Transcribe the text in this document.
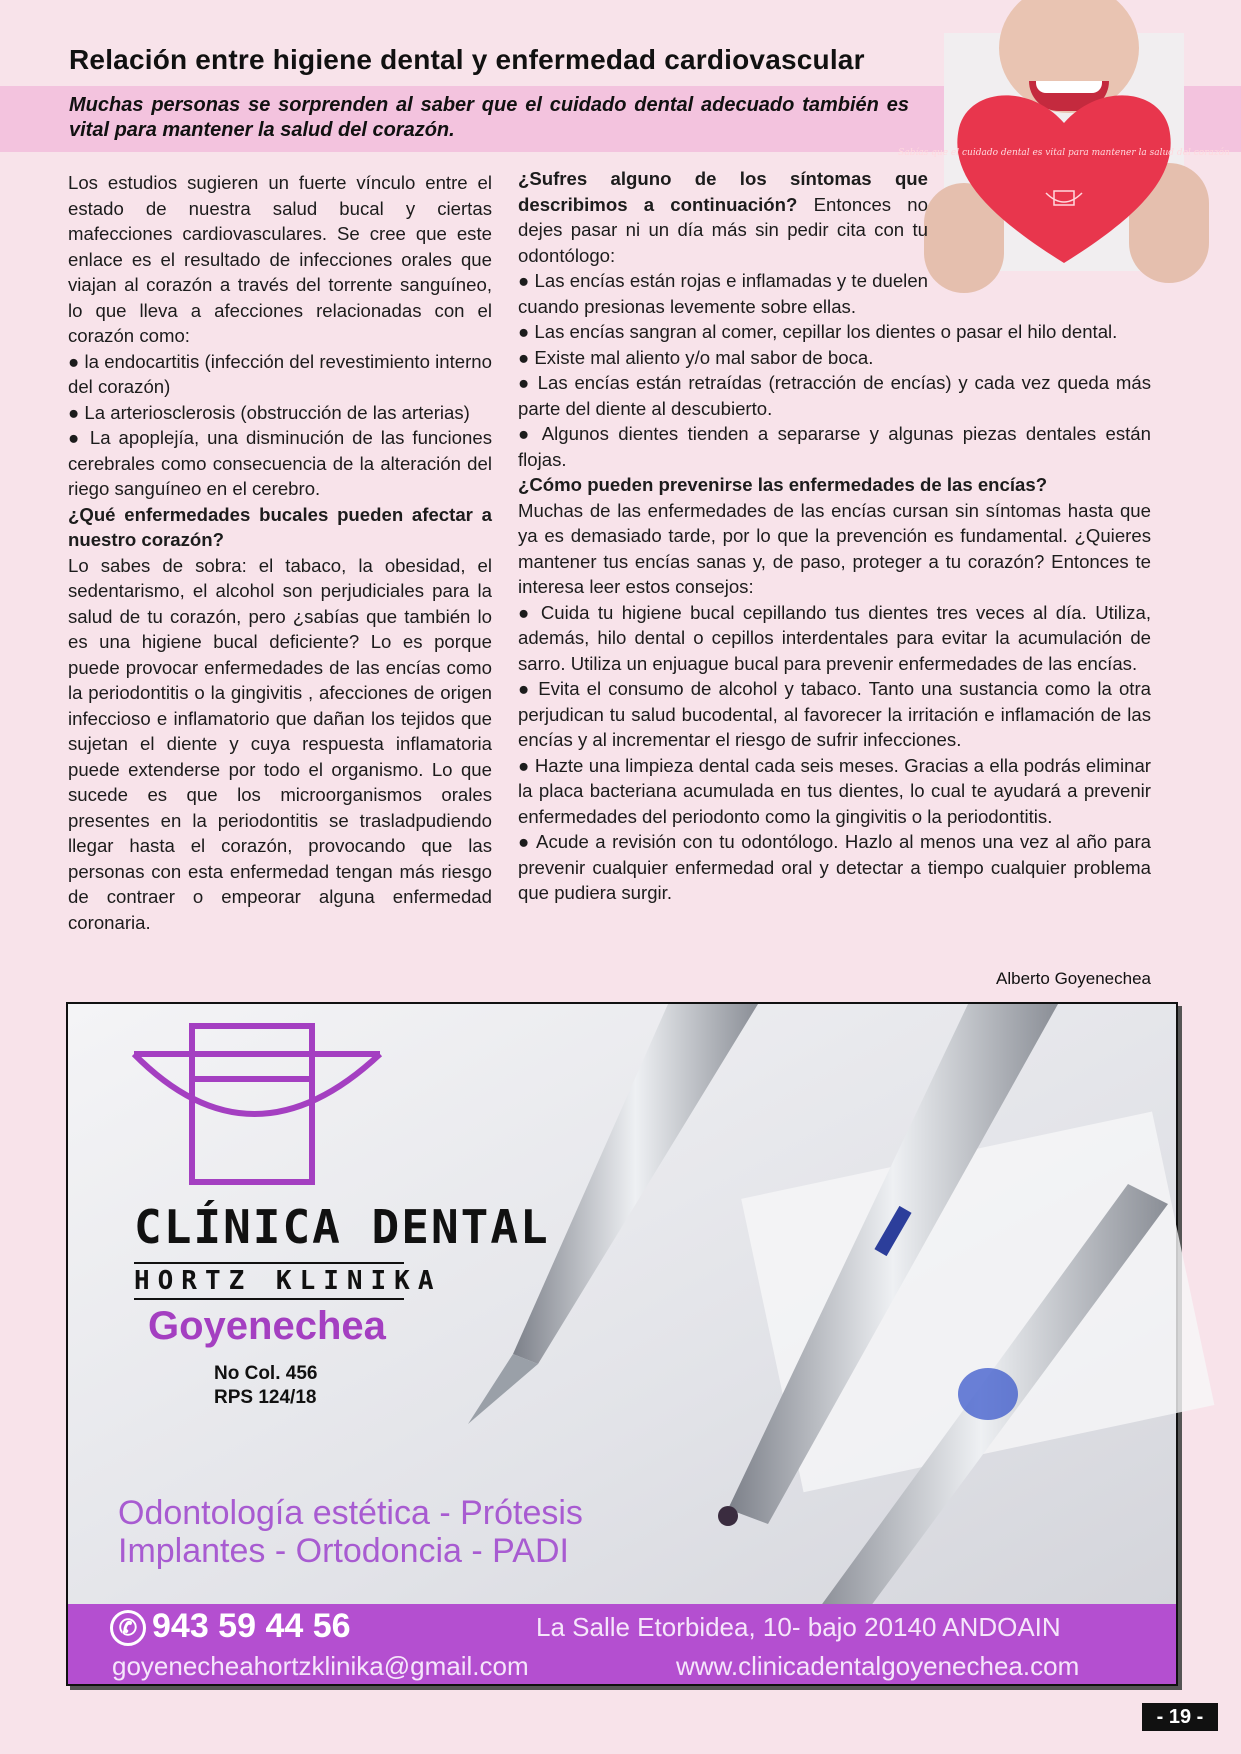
Relación entre higiene dental y enfermedad cardiovascular

Muchas personas se sorprenden al saber que el cuidado dental adecuado también es vital para mantener la salud del corazón.

Sabías que el cuidado dental es vital para mantener la salud del corazón

Los estudios sugieren un fuerte vínculo entre el estado de nuestra salud bucal y ciertas mafecciones cardiovasculares. Se cree que este enlace es el resultado de infecciones orales que viajan al corazón a través del torrente sanguíneo, lo que lleva a afecciones relacionadas con el corazón como:

● la endocartitis (infección del revestimiento interno del corazón)

● La arteriosclerosis (obstrucción de las arterias)

● La apoplejía, una disminución de las funciones cerebrales como consecuencia de la alteración del riego sanguíneo en el cerebro.

¿Qué enfermedades bucales pueden afectar a nuestro corazón?

Lo sabes de sobra: el tabaco, la obesidad, el sedentarismo, el alcohol son perjudiciales para la salud de tu corazón, pero ¿sabías que también lo es una higiene bucal deficiente? Lo es porque puede provocar enfermedades de las encías como la periodontitis o la gingivitis , afecciones de origen infeccioso e inflamatorio que dañan los tejidos que sujetan el diente y cuya respuesta inflamatoria puede extenderse por todo el organismo. Lo que sucede es que los microorganismos orales presentes en la periodontitis se trasladpudiendo llegar hasta el corazón, provocando que las personas con esta enfermedad tengan más riesgo de contraer o empeorar alguna enfermedad coronaria.

¿Sufres alguno de los síntomas que describimos a continuación? Entonces no dejes pasar ni un día más sin pedir cita con tu odontólogo:

● Las encías están rojas e inflamadas y te duelen cuando presionas levemente sobre ellas.

● Las encías sangran al comer, cepillar los dientes o pasar el hilo dental.

● Existe mal aliento y/o mal sabor de boca.

● Las encías están retraídas (retracción de encías) y cada vez queda más parte del diente al descubierto.

● Algunos dientes tienden a separarse y algunas piezas dentales están flojas.

¿Cómo pueden prevenirse las enfermedades de las encías?

Muchas de las enfermedades de las encías cursan sin síntomas hasta que ya es demasiado tarde, por lo que la prevención es fundamental. ¿Quieres mantener tus encías sanas y, de paso, proteger a tu corazón? Entonces te interesa leer estos consejos:

● Cuida tu higiene bucal cepillando tus dientes tres veces al día. Utiliza, además, hilo dental o cepillos interdentales para evitar la acumulación de sarro. Utiliza un enjuague bucal para prevenir enfermedades de las encías.

● Evita el consumo de alcohol y tabaco. Tanto una sustancia como la otra perjudican tu salud bucodental, al favorecer la irritación e inflamación de las encías y al incrementar el riesgo de sufrir infecciones.

● Hazte una limpieza dental cada seis meses. Gracias a ella podrás eliminar la placa bacteriana acumulada en tus dientes, lo cual te ayudará a prevenir enfermedades del periodonto como la gingivitis o la periodontitis.

● Acude a revisión con tu odontólogo. Hazlo al menos una vez al año para prevenir cualquier enfermedad oral y detectar a tiempo cualquier problema que pudiera surgir.

Alberto Goyenechea
CLÍNICA DENTAL
HORTZ KLINIKA
Goyenechea
No Col. 456
RPS 124/18
Odontología estética - Prótesis
Implantes - Ortodoncia - PADI
✆ 943 59 44 56	La Salle Etorbidea, 10- bajo 20140 ANDOAIN
goyenecheahortzklinika@gmail.com	www.clinicadentalgoyenechea.com
- 19 -
